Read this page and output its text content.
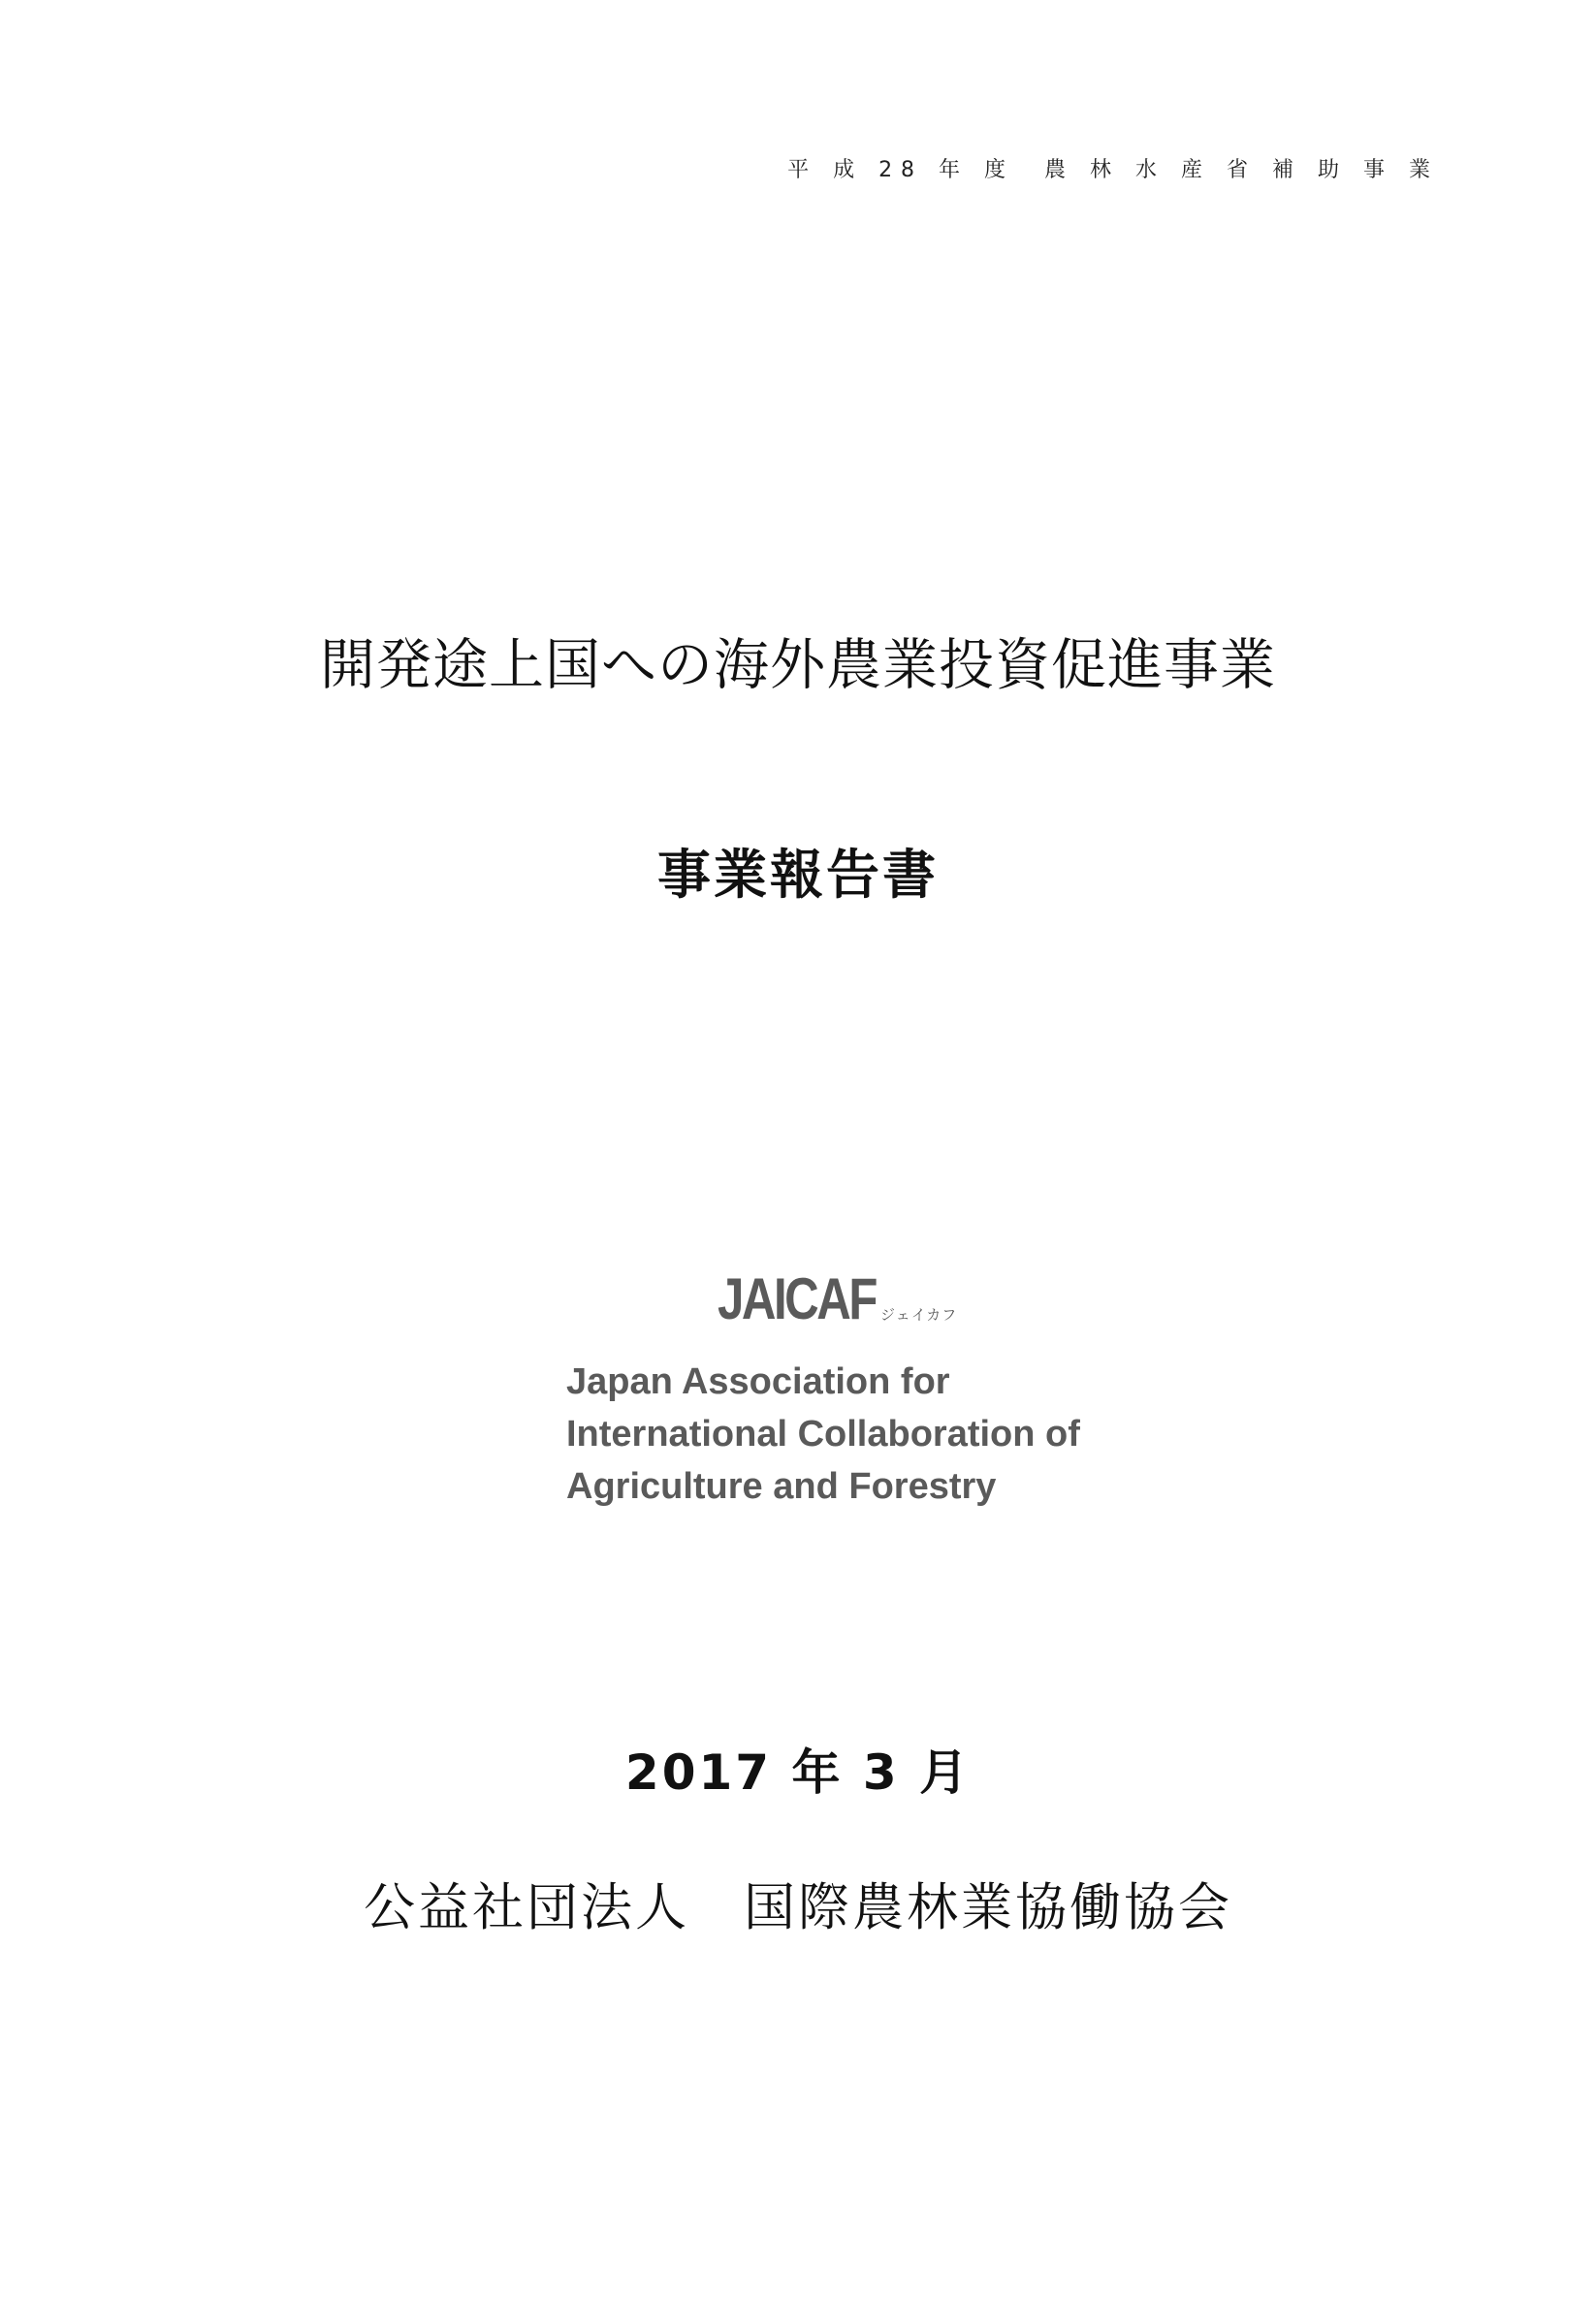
平 成 28 年 度　農 林 水 産 省 補 助 事 業
開発途上国への海外農業投資促進事業
事業報告書
JAICAF ジェイカフ
Japan Association for
International Collaboration of
Agriculture and Forestry
2017 年 3 月
公益社団法人　国際農林業協働協会
